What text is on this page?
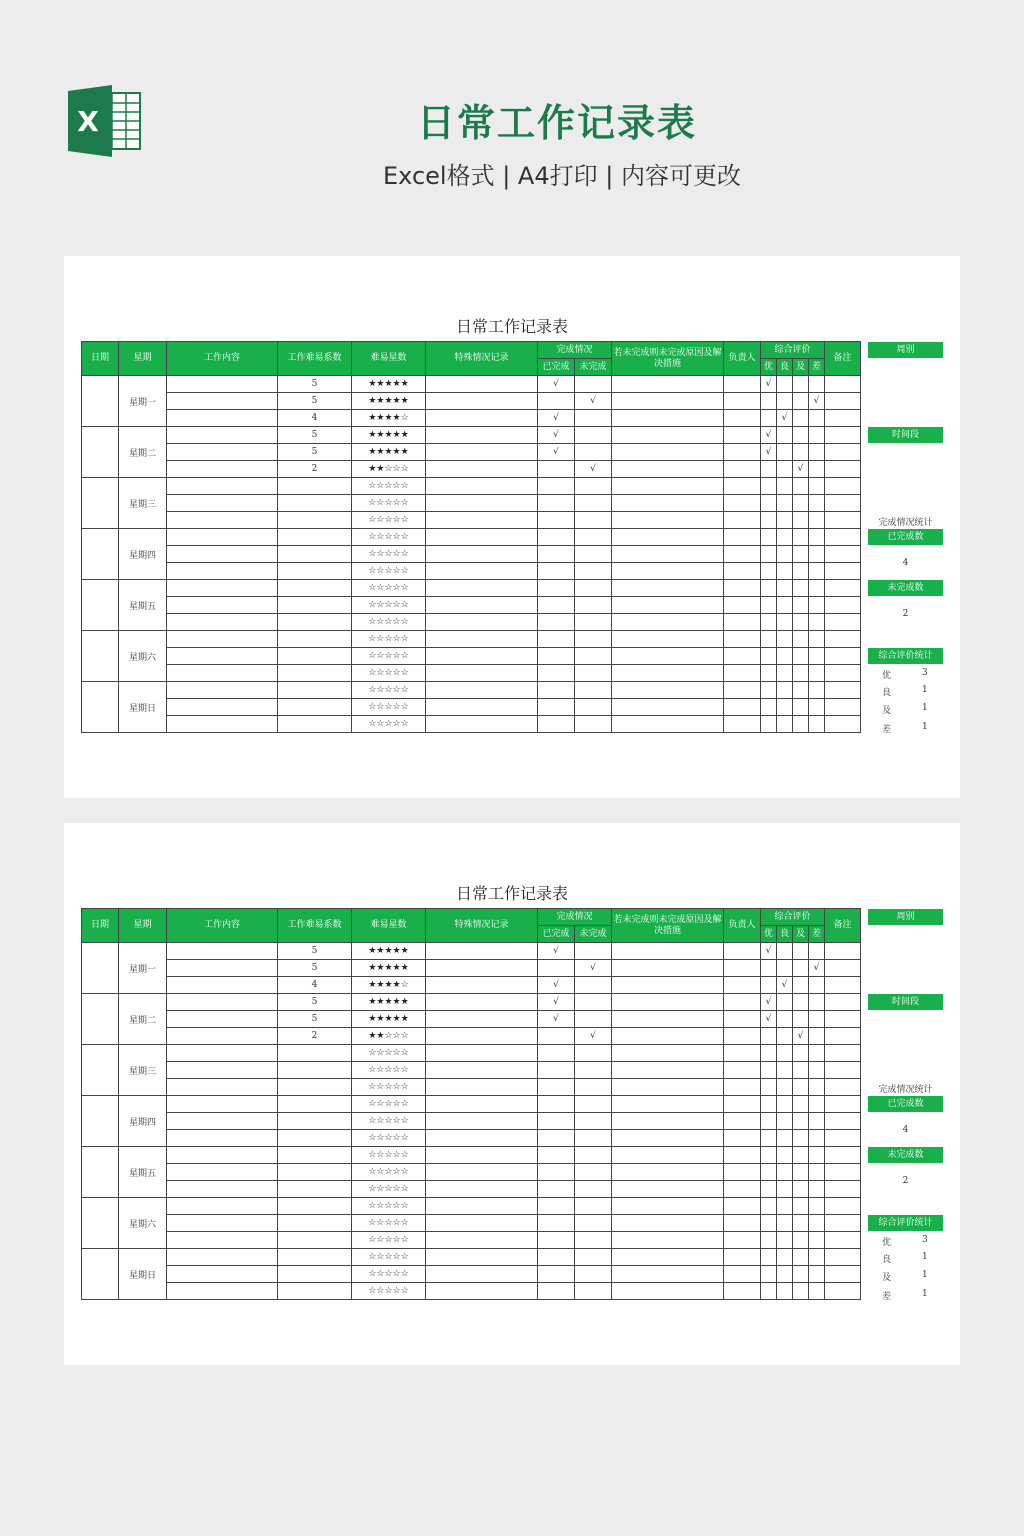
X	日常工作记录表
Excel格式 | A4打印 | 内容可更改
日常工作记录表
日期	星期	工作内容	工作难易系数	难易星数	特殊情况记录	完成情况		若未完成则未完成原因及解决措施	负责人	综合评价				备注
						已完成	未完成			优	良	及	差	
	星期一		5	★★★★★		√				√				
			5	★★★★★			√						√	
			4	★★★★☆		√					√			
	星期二		5	★★★★★		√				√				
			5	★★★★★		√				√				
			2	★★☆☆☆			√					√		
	星期三			☆☆☆☆☆										
				☆☆☆☆☆										
				☆☆☆☆☆										
	星期四			☆☆☆☆☆										
				☆☆☆☆☆										
				☆☆☆☆☆										
	星期五			☆☆☆☆☆										
				☆☆☆☆☆										
				☆☆☆☆☆										
	星期六			☆☆☆☆☆										
				☆☆☆☆☆										
				☆☆☆☆☆										
	星期日			☆☆☆☆☆										
				☆☆☆☆☆										
				☆☆☆☆☆										
周别
时间段
完成情况统计
已完成数
4
未完成数
2
综合评价统计
优	3
良	1
及	1
差	1
日常工作记录表
日期	星期	工作内容	工作难易系数	难易星数	特殊情况记录	完成情况		若未完成则未完成原因及解决措施	负责人	综合评价				备注
						已完成	未完成			优	良	及	差	
	星期一		5	★★★★★		√				√				
			5	★★★★★			√						√	
			4	★★★★☆		√					√			
	星期二		5	★★★★★		√				√				
			5	★★★★★		√				√				
			2	★★☆☆☆			√					√		
	星期三			☆☆☆☆☆										
				☆☆☆☆☆										
				☆☆☆☆☆										
	星期四			☆☆☆☆☆										
				☆☆☆☆☆										
				☆☆☆☆☆										
	星期五			☆☆☆☆☆										
				☆☆☆☆☆										
				☆☆☆☆☆										
	星期六			☆☆☆☆☆										
				☆☆☆☆☆										
				☆☆☆☆☆										
	星期日			☆☆☆☆☆										
				☆☆☆☆☆										
				☆☆☆☆☆										
周别
时间段
完成情况统计
已完成数
4
未完成数
2
综合评价统计
优	3
良	1
及	1
差	1
